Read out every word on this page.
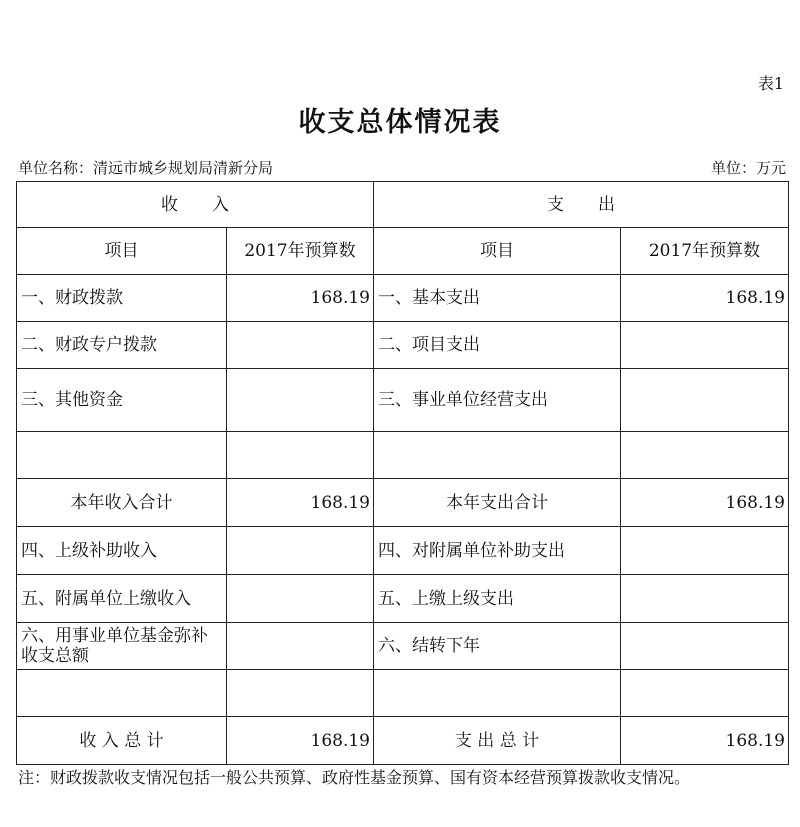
表1
收支总体情况表
单位名称：清远市城乡规划局清新分局	单位：万元
收　　入		支　　出	
项目	2017年预算数	项目	2017年预算数
一、财政拨款	168.19	一、基本支出	168.19
二、财政专户拨款		二、项目支出	
三、其他资金		三、事业单位经营支出	

本年收入合计	168.19	本年支出合计	168.19
四、上级补助收入		四、对附属单位补助支出	
五、附属单位上缴收入		五、上缴上级支出	
六、用事业单位基金弥补收支总额		六、结转下年	

收 入 总 计	168.19	支 出 总 计	168.19
注：财政拨款收支情况包括一般公共预算、政府性基金预算、国有资本经营预算拨款收支情况。
